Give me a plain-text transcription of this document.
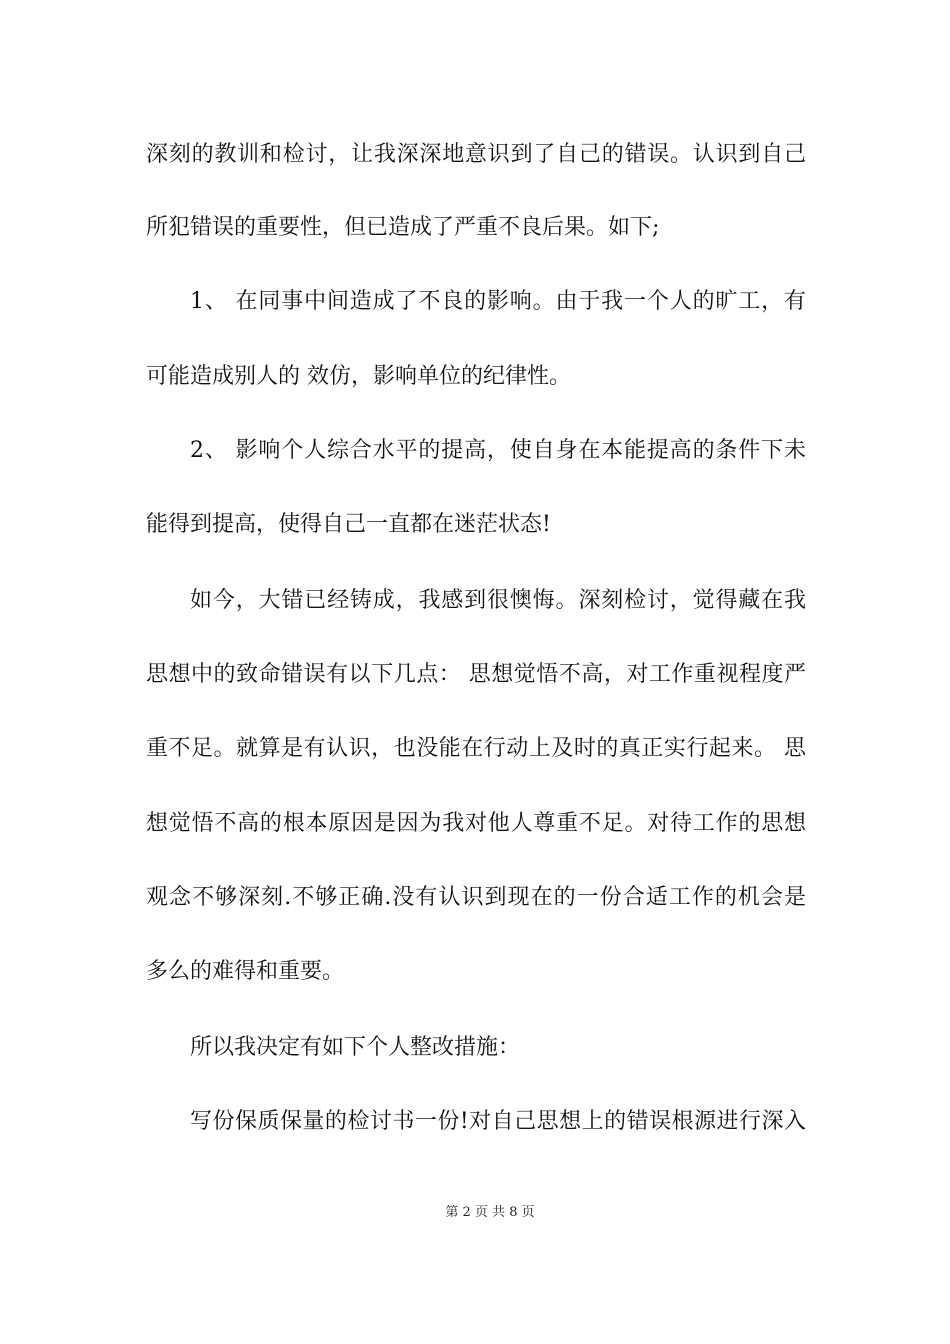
深刻的教训和检讨，让我深深地意识到了自己的错误。认识到自己
所犯错误的重要性，但已造成了严重不良后果。如下;
1、 在同事中间造成了不良的影响。由于我一个人的旷工，有
可能造成别人的 效仿，影响单位的纪律性。
2、 影响个人综合水平的提高，使自身在本能提高的条件下未
能得到提高，使得自己一直都在迷茫状态!
如今，大错已经铸成，我感到很懊悔。深刻检讨，觉得藏在我
思想中的致命错误有以下几点： 思想觉悟不高，对工作重视程度严
重不足。就算是有认识，也没能在行动上及时的真正实行起来。 思
想觉悟不高的根本原因是因为我对他人尊重不足。对待工作的思想
观念不够深刻.不够正确.没有认识到现在的一份合适工作的机会是
多么的难得和重要。
所以我决定有如下个人整改措施：
写份保质保量的检讨书一份!对自己思想上的错误根源进行深入
第 2 页 共 8 页
